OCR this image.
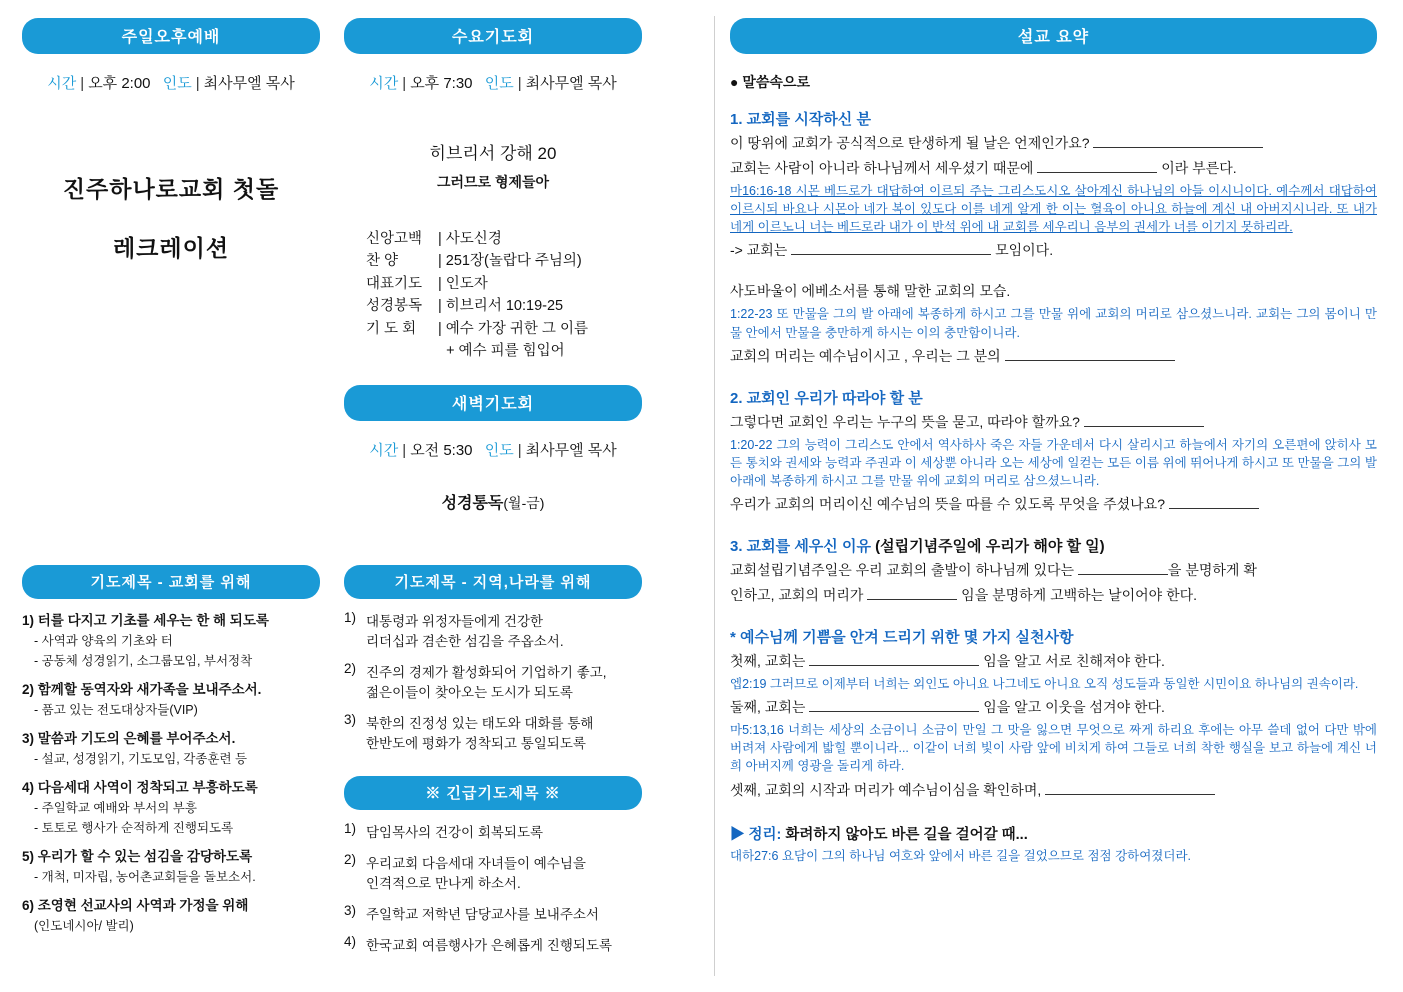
주일오후예배
시간 | 오후 2:00 인도 | 최사무엘 목사
진주하나로교회 첫돌
레크레이션
수요기도회
시간 | 오후 7:30 인도 | 최사무엘 목사
히브리서 강해 20
그러므로 형제들아
신앙고백 | 사도신경
찬 양	| 251장(놀랍다 주님의)
대표기도 | 인도자
성경봉독 | 히브리서 10:19-25
기 도 회 | 예수 가장 귀한 그 이름
+ 예수 피를 힘입어
새벽기도회
시간 | 오전 5:30 인도 | 최사무엘 목사
성경통독(월-금)
기도제목 - 교회를 위해
1) 터를 다지고 기초를 세우는 한 해 되도록
- 사역과 양육의 기초와 터
- 공동체 성경읽기, 소그룹모임, 부서정착
2) 함께할 동역자와 새가족을 보내주소서.
- 품고 있는 전도대상자들(VIP)
3) 말씀과 기도의 은혜를 부어주소서.
- 설교, 성경읽기, 기도모임, 각종훈련 등
4) 다음세대 사역이 정착되고 부흥하도록
- 주일학교 예배와 부서의 부흥
- 토토로 행사가 순적하게 진행되도록
5) 우리가 할 수 있는 섬김을 감당하도록
- 개척, 미자립, 농어촌교회들을 돌보소서.
6) 조영현 선교사의 사역과 가정을 위해
(인도네시아/ 발리)
기도제목 - 지역,나라를 위해
1) 대통령과 위정자들에게 건강한
리더십과 겸손한 섬김을 주옵소서.
2) 진주의 경제가 활성화되어 기업하기 좋고,
젊은이들이 찾아오는 도시가 되도록
3) 북한의 진정성 있는 태도와 대화를 통해
한반도에 평화가 정착되고 통일되도록
※ 긴급기도제목 ※
1) 담임목사의 건강이 회복되도록
2) 우리교회 다음세대 자녀들이 예수님을
인격적으로 만나게 하소서.
3) 주일학교 저학년 담당교사를 보내주소서
4) 한국교회 여름행사가 은혜롭게 진행되도록
설교 요약
● 말씀속으로
1. 교회를 시작하신 분
이 땅위에 교회가 공식적으로 탄생하게 될 날은 언제인가요?
교회는 사람이 아니라 하나님께서 세우셨기 때문에	이라 부른다.
마16:16-18 시몬 베드로가 대답하여 이르되 주는 그리스도시오 살아계신 하나님의 아들 이시니이다. 예수께서 대답하여 이르시되 바요나 시몬아 네가 복이 있도다 이를 네게 알게 한 이는 혈육이 아니요 하늘에 계신 내 아버지시니라. 또 내가 네게 이르노니 너는 베드로라 내가 이 반석 위에 내 교회를 세우리니 음부의 권세가 너를 이기지 못하리라.
-> 교회는	모임이다.
사도바울이 에베소서를 통해 말한 교회의 모습.
1:22-23 또 만물을 그의 발 아래에 복종하게 하시고 그를 만물 위에 교회의 머리로 삼으셨느니라. 교회는 그의 몸이니 만물 안에서 만물을 충만하게 하시는 이의 충만함이니라.
교회의 머리는 예수님이시고 , 우리는 그 분의
2. 교회인 우리가 따라야 할 분
그렇다면 교회인 우리는 누구의 뜻을 묻고, 따라야 할까요?
1:20-22 그의 능력이 그리스도 안에서 역사하사 죽은 자들 가운데서 다시 살리시고 하늘에서 자기의 오른편에 앉히사 모든 통치와 권세와 능력과 주권과 이 세상뿐 아니라 오는 세상에 일컫는 모든 이름 위에 뛰어나게 하시고 또 만물을 그의 발 아래에 복종하게 하시고 그를 만물 위에 교회의 머리로 삼으셨느니라.
우리가 교회의 머리이신 예수님의 뜻을 따를 수 있도록 무엇을 주셨나요?
3. 교회를 세우신 이유 (설립기념주일에 우리가 해야 할 일)
교회설립기념주일은 우리 교회의 출발이 하나님께 있다는	을 분명하게 확
인하고, 교회의 머리가	임을 분명하게 고백하는 날이어야 한다.
* 예수님께 기쁨을 안겨 드리기 위한 몇 가지 실천사항
첫째, 교회는	임을 알고 서로 친해져야 한다.
엡2:19 그러므로 이제부터 너희는 외인도 아니요 나그네도 아니요 오직 성도들과 동일한 시민이요 하나님의 권속이라.
둘째, 교회는	임을 알고 이웃을 섬겨야 한다.
마5:13,16 너희는 세상의 소금이니 소금이 만일 그 맛을 잃으면 무엇으로 짜게 하리요 후에는 아무 쓸데 없어 다만 밖에 버려져 사람에게 밟힐 뿐이니라... 이같이 너희 빛이 사람 앞에 비치게 하여 그들로 너희 착한 행실을 보고 하늘에 계신 너희 아버지께 영광을 돌리게 하라.
셋째, 교회의 시작과 머리가 예수님이심을 확인하며,
▶ 정리: 화려하지 않아도 바른 길을 걸어갈 때...
대하27:6 요담이 그의 하나님 여호와 앞에서 바른 길을 걸었으므로 점점 강하여졌더라.
